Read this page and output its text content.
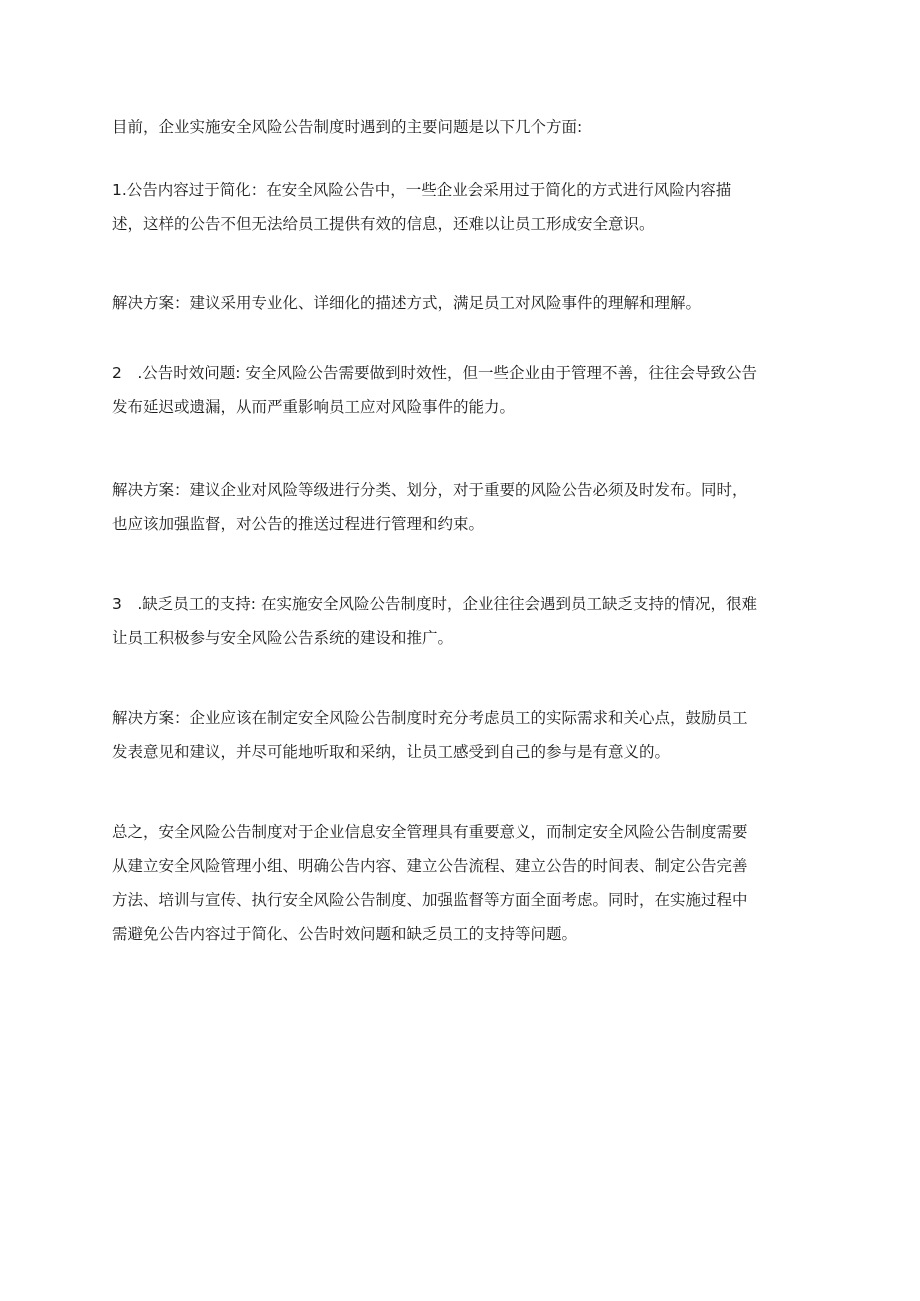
目前，企业实施安全风险公告制度时遇到的主要问题是以下几个方面:

1.公告内容过于简化：在安全风险公告中，一些企业会采用过于简化的方式进行风险内容描
述，这样的公告不但无法给员工提供有效的信息，还难以让员工形成安全意识。

解决方案：建议采用专业化、详细化的描述方式，满足员工对风险事件的理解和理解。

2　.公告时效问题: 安全风险公告需要做到时效性，但一些企业由于管理不善，往往会导致公告
发布延迟或遗漏，从而严重影响员工应对风险事件的能力。

解决方案：建议企业对风险等级进行分类、划分，对于重要的风险公告必须及时发布。同时，
也应该加强监督，对公告的推送过程进行管理和约束。

3　.缺乏员工的支持: 在实施安全风险公告制度时，企业往往会遇到员工缺乏支持的情况，很难
让员工积极参与安全风险公告系统的建设和推广。

解决方案：企业应该在制定安全风险公告制度时充分考虑员工的实际需求和关心点，鼓励员工
发表意见和建议，并尽可能地听取和采纳，让员工感受到自己的参与是有意义的。

总之，安全风险公告制度对于企业信息安全管理具有重要意义，而制定安全风险公告制度需要
从建立安全风险管理小组、明确公告内容、建立公告流程、建立公告的时间表、制定公告完善
方法、培训与宣传、执行安全风险公告制度、加强监督等方面全面考虑。同时，在实施过程中
需避免公告内容过于简化、公告时效问题和缺乏员工的支持等问题。
